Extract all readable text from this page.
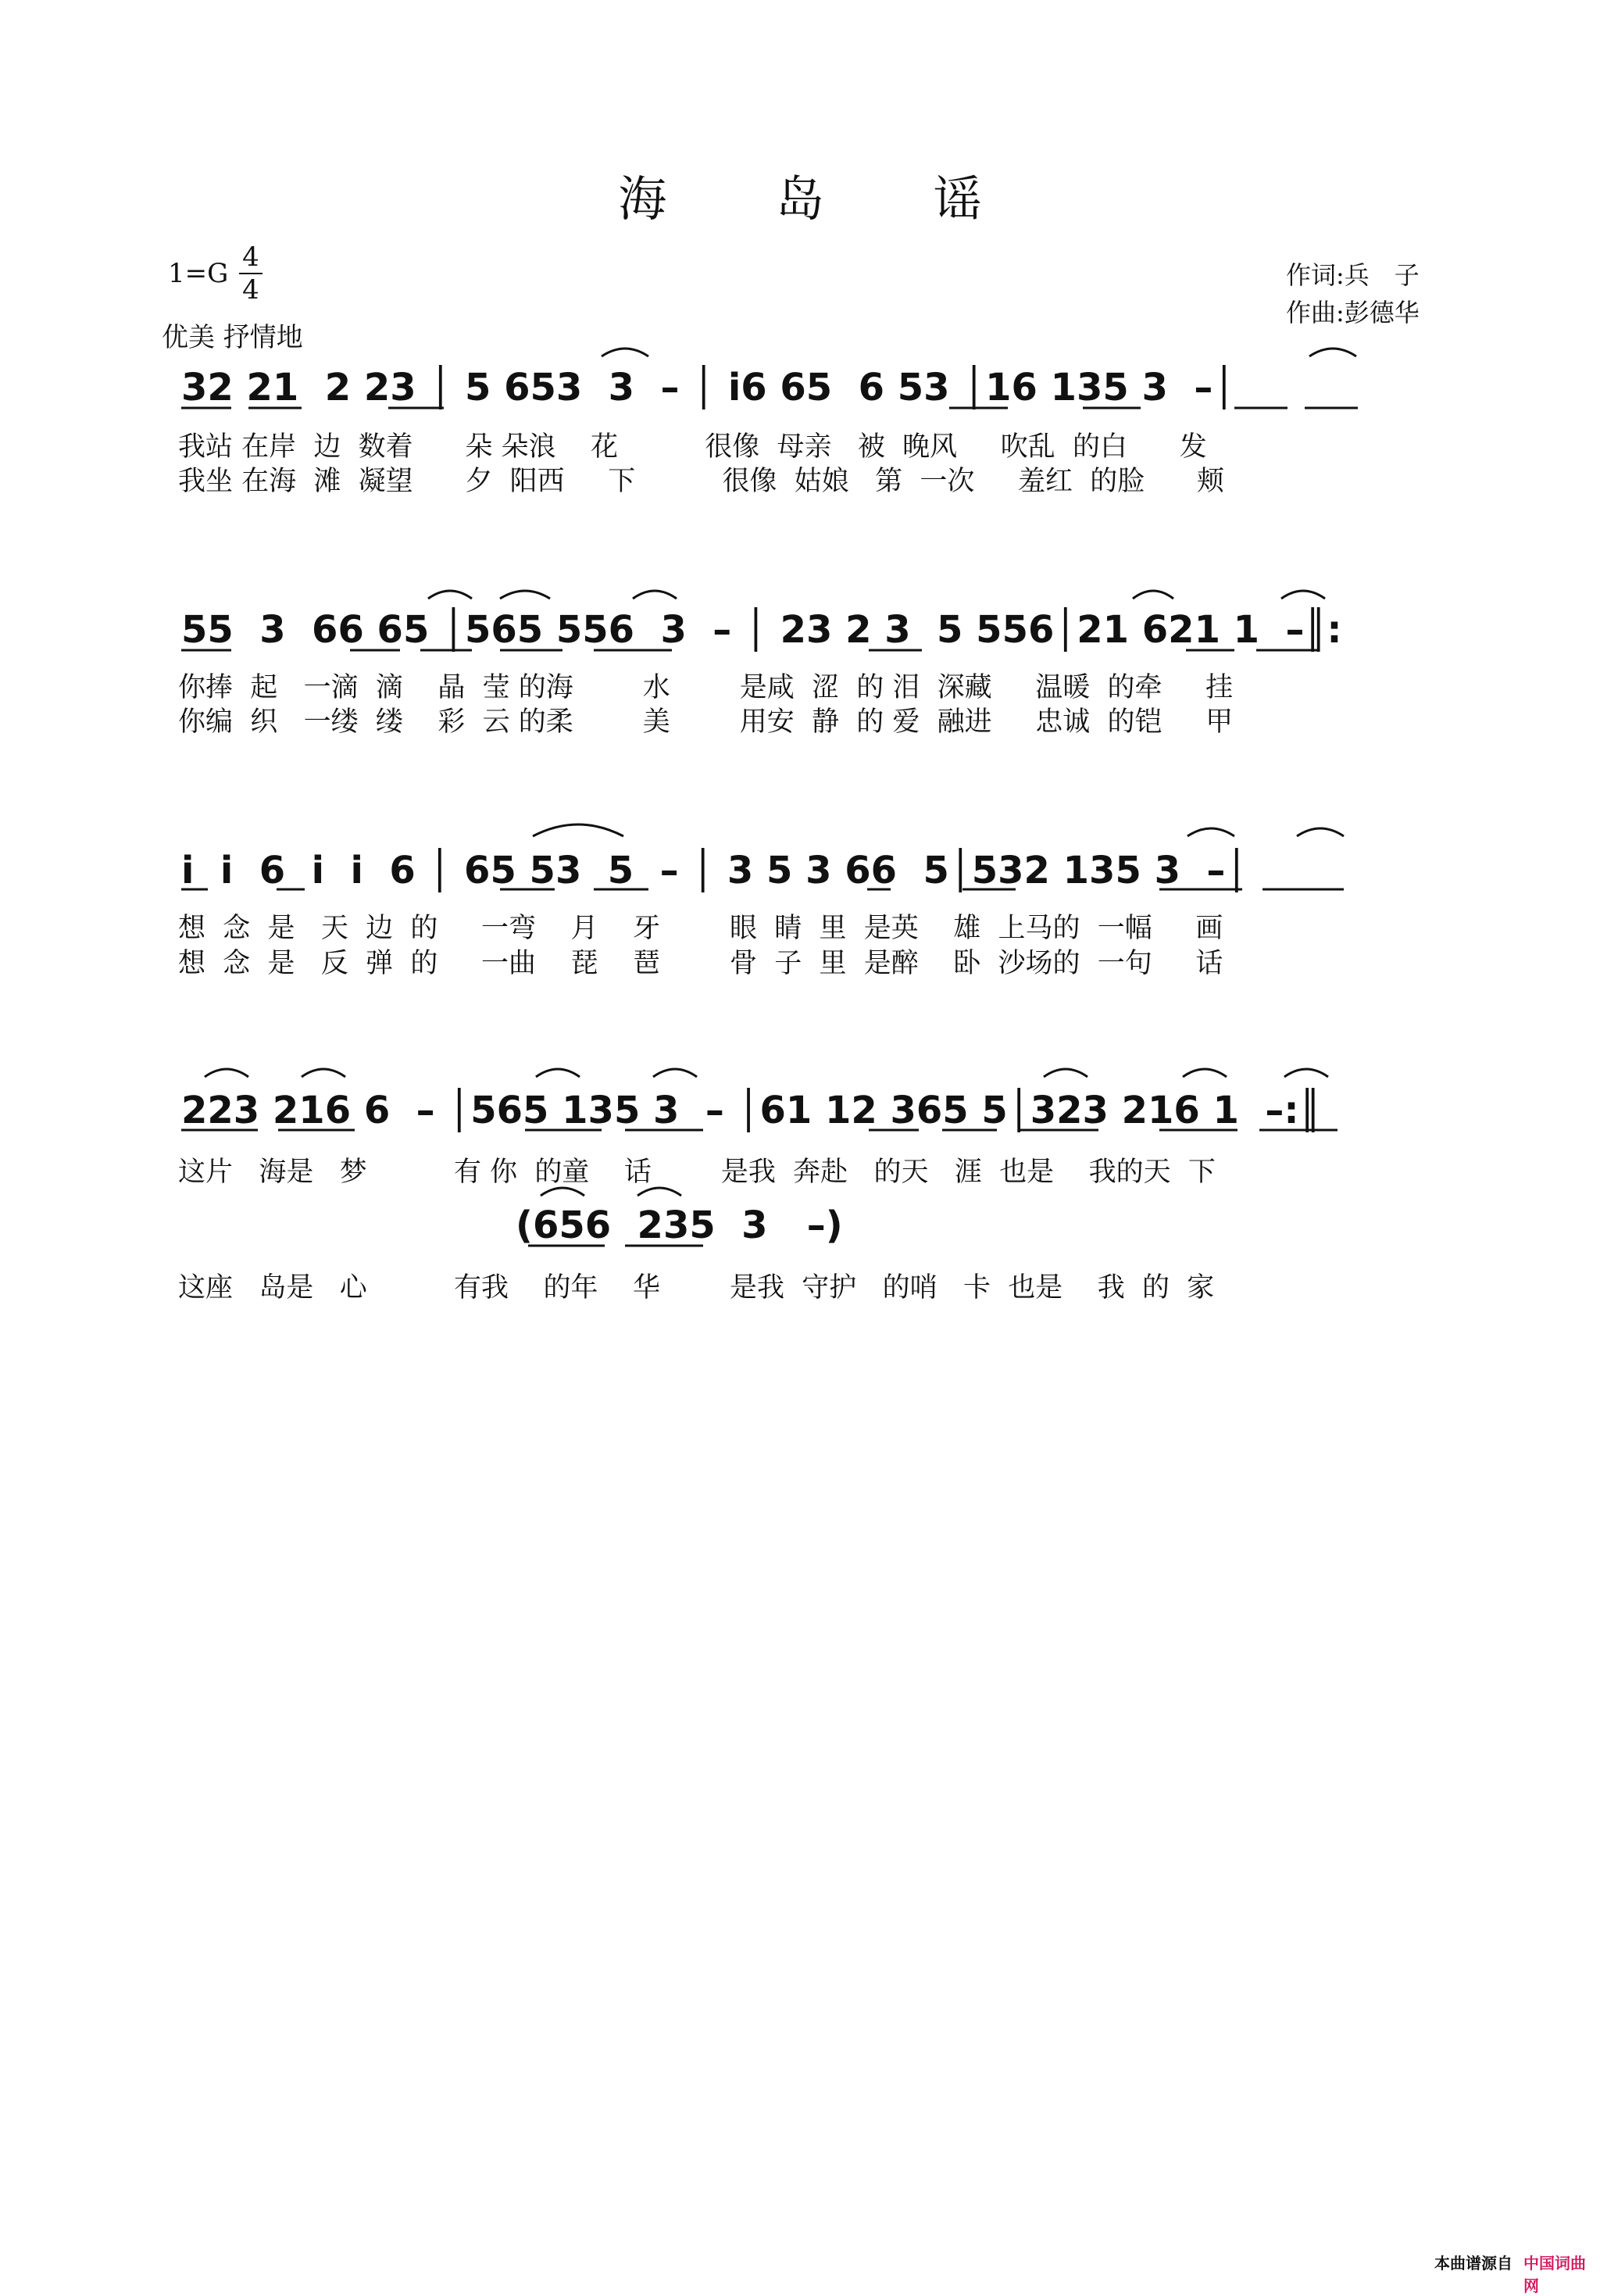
海 岛 谣
1=G
4
4
优美 抒情地
作词:兵　子
作曲:彭德华
32 21  2 23 │ 5 653  3  – │ i6 65  6 53 │16 135 3  –│
我站 在岸  边  数着      朵 朵浪    花          很像  母亲   被  晚风     吹乱  的白      发
我坐 在海  滩  凝望      夕  阳西     下          很像  姑娘   第  一次     羞红  的脸      颊
55  3  66 65 │565 556  3  – │ 23 2 3  5 556│21 621 1  –║:
你捧  起   一滴  滴    晶  莹 的海        水        是咸  涩  的 泪  深藏     温暖  的牵     挂
你编  织   一缕  缕    彩  云 的柔        美        用安  静  的 爱  融进     忠诚  的铠     甲
i  i  6  i  i  6 │ 65 53  5  – │ 3 5 3 66  5│532 135 3  –│
想  念  是   天  边  的     一弯    月    牙        眼  睛  里  是英    雄  上马的  一幅     画
想  念  是   反  弹  的     一曲    琵    琶        骨  子  里  是醉    卧  沙场的  一句     话
223 216 6  – │565 135 3  – │61 12 365 5│323 216 1  –:║
这片   海是   梦          有 你  的童    话        是我  奔赴   的天   涯  也是    我的天  下
(656  235  3   –)
这座   岛是   心          有我    的年    华        是我  守护   的哨   卡  也是    我  的  家
本曲谱源自 中国词曲网
